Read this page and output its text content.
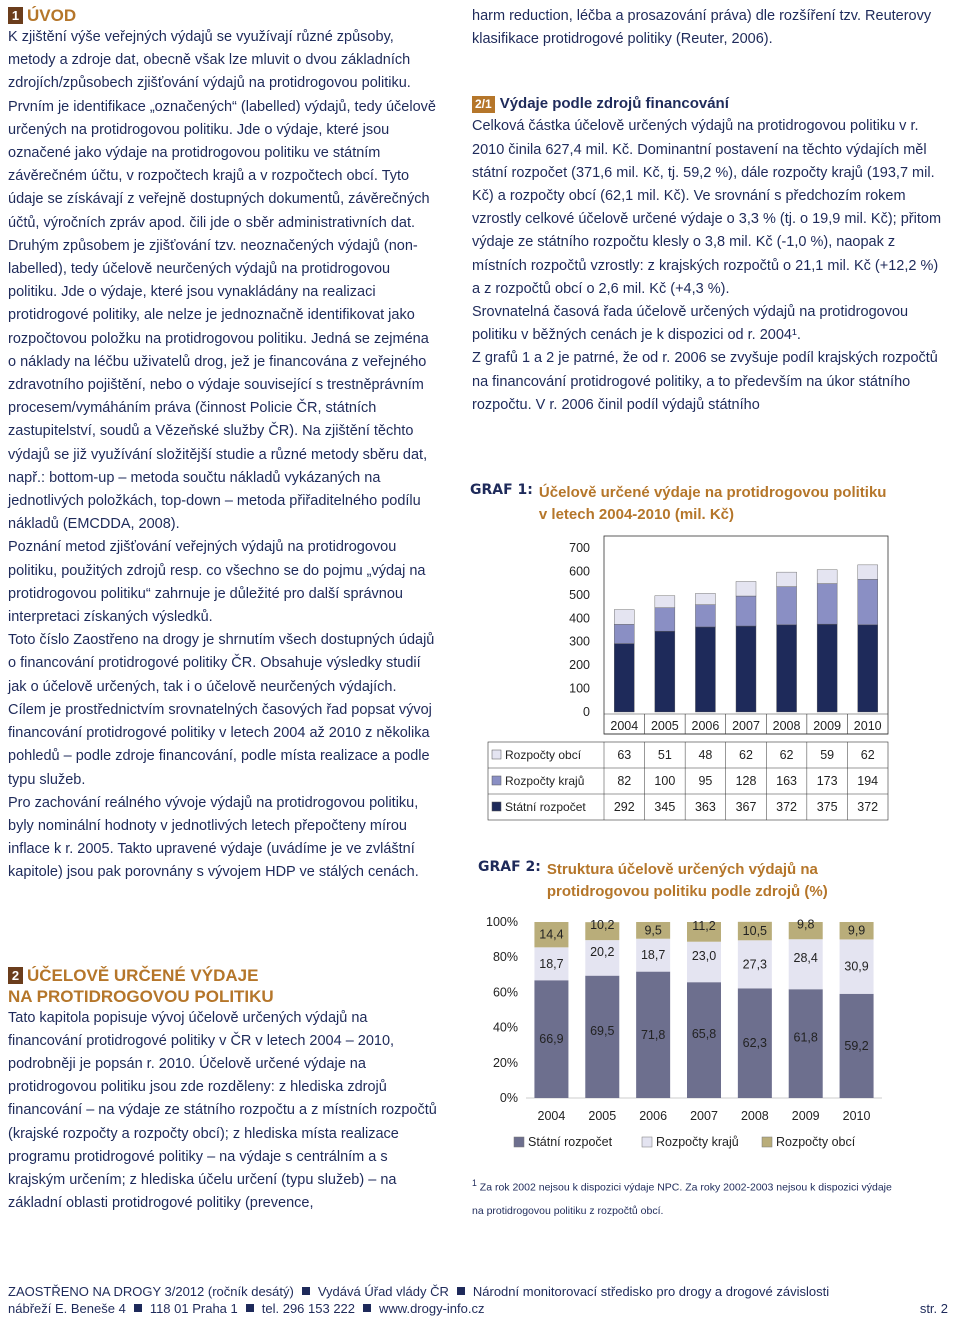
1 ÚVOD

K zjištění výše veřejných výdajů se využívají různé způsoby, metody a zdroje dat, obecně však lze mluvit o dvou základních zdrojích/způsobech zjišťování výdajů na protidrogovou politiku. Prvním je identifikace „označených“ (labelled) výdajů, tedy účelově určených na protidrogovou politiku. Jde o výdaje, které jsou označené jako výdaje na protidrogovou politiku ve státním závěrečném účtu, v rozpočtech krajů a v rozpočtech obcí. Tyto údaje se získávají z veřejně dostupných dokumentů, závěrečných účtů, výročních zpráv apod. čili jde o sběr administrativních dat. Druhým způsobem je zjišťování tzv. neoznačených výdajů (non-labelled), tedy účelově neurčených výdajů na protidrogovou politiku. Jde o výdaje, které jsou vynakládány na realizaci protidrogové politiky, ale nelze je jednoznačně identifikovat jako rozpočtovou položku na protidrogovou politiku. Jedná se zejména o náklady na léčbu uživatelů drog, jež je financována z veřejného zdravotního pojištění, nebo o výdaje související s trestněprávním procesem/vymáháním práva (činnost Policie ČR, státních zastupitelství, soudů a Vězeňské služby ČR). Na zjištění těchto výdajů se již využívání složitější studie a různé metody sběru dat, např.: bottom-up – metoda součtu nákladů vykázaných na jednotlivých položkách, top-down – metoda přiřaditelného podílu nákladů (EMCDDA, 2008).

Poznání metod zjišťování veřejných výdajů na protidrogovou politiku, použitých zdrojů resp. co všechno se do pojmu „výdaj na protidrogovou politiku“ zahrnuje je důležité pro další správnou interpretaci získaných výsledků.

Toto číslo Zaostřeno na drogy je shrnutím všech dostupných údajů o financování protidrogové politiky ČR. Obsahuje výsledky studií jak o účelově určených, tak i o účelově neurčených výdajích. Cílem je prostřednictvím srovnatelných časových řad popsat vývoj financování protidrogové politiky v letech 2004 až 2010 z několika pohledů – podle zdroje financování, podle místa realizace a podle typu služeb.

Pro zachování reálného vývoje výdajů na protidrogovou politiku, byly nominální hodnoty v jednotlivých letech přepočteny mírou inflace k r. 2005. Takto upravené výdaje (uvádíme je ve zvláštní kapitole) jsou pak porovnány s vývojem HDP ve stálých cenách.

2 ÚČELOVĚ URČENÉ VÝDAJE
NA PROTIDROGOVOU POLITIKU

Tato kapitola popisuje vývoj účelově určených výdajů na financování protidrogové politiky v ČR v letech 2004 – 2010, podrobněji je popsán r. 2010. Účelově určené výdaje na protidrogovou politiku jsou zde rozděleny: z hlediska zdrojů financování – na výdaje ze státního rozpočtu a z místních rozpočtů (krajské rozpočty a rozpočty obcí); z hlediska místa realizace programu protidrogové politiky – na výdaje s centrálním a s krajským určením; z hlediska účelu určení (typu služeb) – na základní oblasti protidrogové politiky (prevence,

harm reduction, léčba a prosazování práva) dle rozšíření tzv. Reuterovy klasifikace protidrogové politiky (Reuter, 2006).

2/1 Výdaje podle zdrojů financování

Celková částka účelově určených výdajů na protidrogovou politiku v r. 2010 činila 627,4 mil. Kč. Dominantní postavení na těchto výdajích měl státní rozpočet (371,6 mil. Kč, tj. 59,2 %), dále rozpočty krajů (193,7 mil. Kč) a rozpočty obcí (62,1 mil. Kč). Ve srovnání s předchozím rokem vzrostly celkové účelově určené výdaje o 3,3 % (tj. o 19,9 mil. Kč); přitom výdaje ze státního rozpočtu klesly o 3,8 mil. Kč (-1,0 %), naopak z místních rozpočtů vzrostly: z krajských rozpočtů o 21,1 mil. Kč (+12,2 %) a z rozpočtů obcí o 2,6 mil. Kč (+4,3 %).

Srovnatelná časová řada účelově určených výdajů na protidrogovou politiku v běžných cenách je k dispozici od r. 2004¹.

Z grafů 1 a 2 je patrné, že od r. 2006 se zvyšuje podíl krajských rozpočtů na financování protidrogové politiky, a to především na úkor státního rozpočtu. V r. 2006 činil podíl výdajů státního

GRAF 1: Účelově určené výdaje na protidrogovou politiku v letech 2004-2010 (mil. Kč)
700
600
500
400
300
200
100
0
2004 2005 2006 2007 2008 2009 2010
Rozpočty obcí	63 51 48 62 62 59 62
Rozpočty krajů	82 100 95 128 163 173 194
Státní rozpočet 292 345 363 367 372 375 372
GRAF 2: Struktura účelově určených výdajů na protidrogovou politiku podle zdrojů (%)
100%
80%
60%
40%
20%
0%
66,9
18,7
14,4
2004
69,5
20,2
10,2
2005
71,8
18,7
9,5
2006
65,8
23,0
11,2
2007
62,3
27,3
10,5
2008
61,8
28,4
9,8
2009
59,2
30,9
9,9
2010
Státní rozpočet	Rozpočty krajů	Rozpočty obcí
$^1$ Za rok 2002 nejsou k dispozici výdaje NPC. Za roky 2002-2003 nejsou k dispozici výdaje na protidrogovou politiku z rozpočtů obcí.
ZAOSTŘENO NA DROGY 3/2012 (ročník desátý) Vydává Úřad vlády ČR Národní monitorovací středisko pro drogy a drogové závislosti
nábřeží E. Beneše 4 118 01 Praha 1 tel. 296 153 222 www.drogy-info.cz	str. 2
